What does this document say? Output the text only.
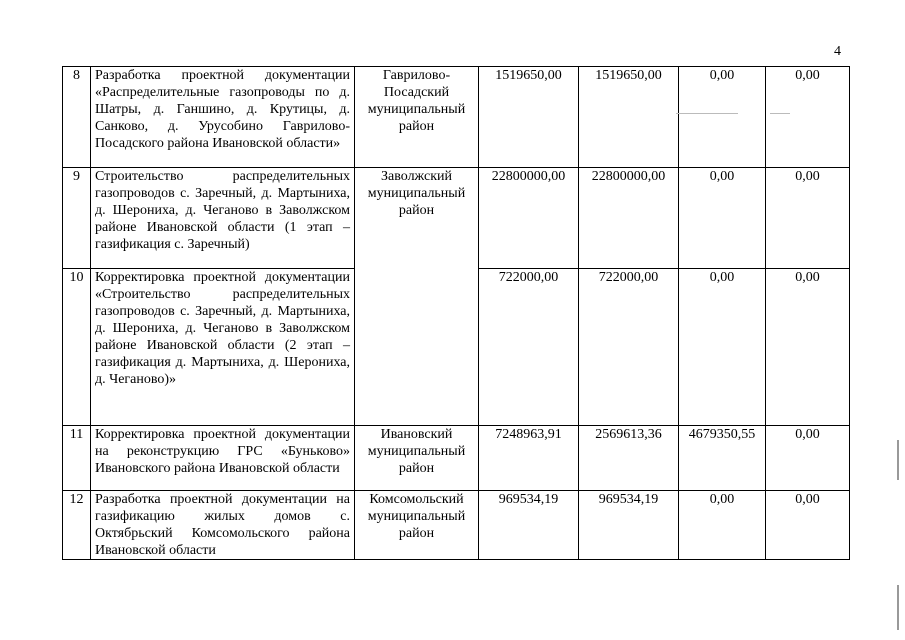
4
8	Разработка проектной документации «Распределительные газопроводы по д. Шатры, д. Ганшино, д. Крутицы, д. Санково, д. Урусобино Гаврилово-Посадского района Ивановской области»	Гаврилово-Посадский муниципальный район	1519650,00	1519650,00	0,00	0,00
9	Строительство распределительных газопроводов с. Заречный, д. Мартыниха, д. Шерониха, д. Чеганово в Заволжском районе Ивановской области (1 этап – газификация с. Заречный)	Заволжский муниципальный район	22800000,00	22800000,00	0,00	0,00
10	Корректировка проектной документации «Строительство распределительных газопроводов с. Заречный, д. Мартыниха, д. Шерониха, д. Чеганово в Заволжском районе Ивановской области (2 этап – газификация д. Мартыниха, д. Шерониха, д. Чеганово)»		722000,00	722000,00	0,00	0,00
11	Корректировка проектной документации на реконструкцию ГРС «Буньково» Ивановского района Ивановской области	Ивановский муниципальный район	7248963,91	2569613,36	4679350,55	0,00
12	Разработка проектной документации на газификацию жилых домов с. Октябрьский Комсомольского района Ивановской области	Комсомольский муниципальный район	969534,19	969534,19	0,00	0,00
